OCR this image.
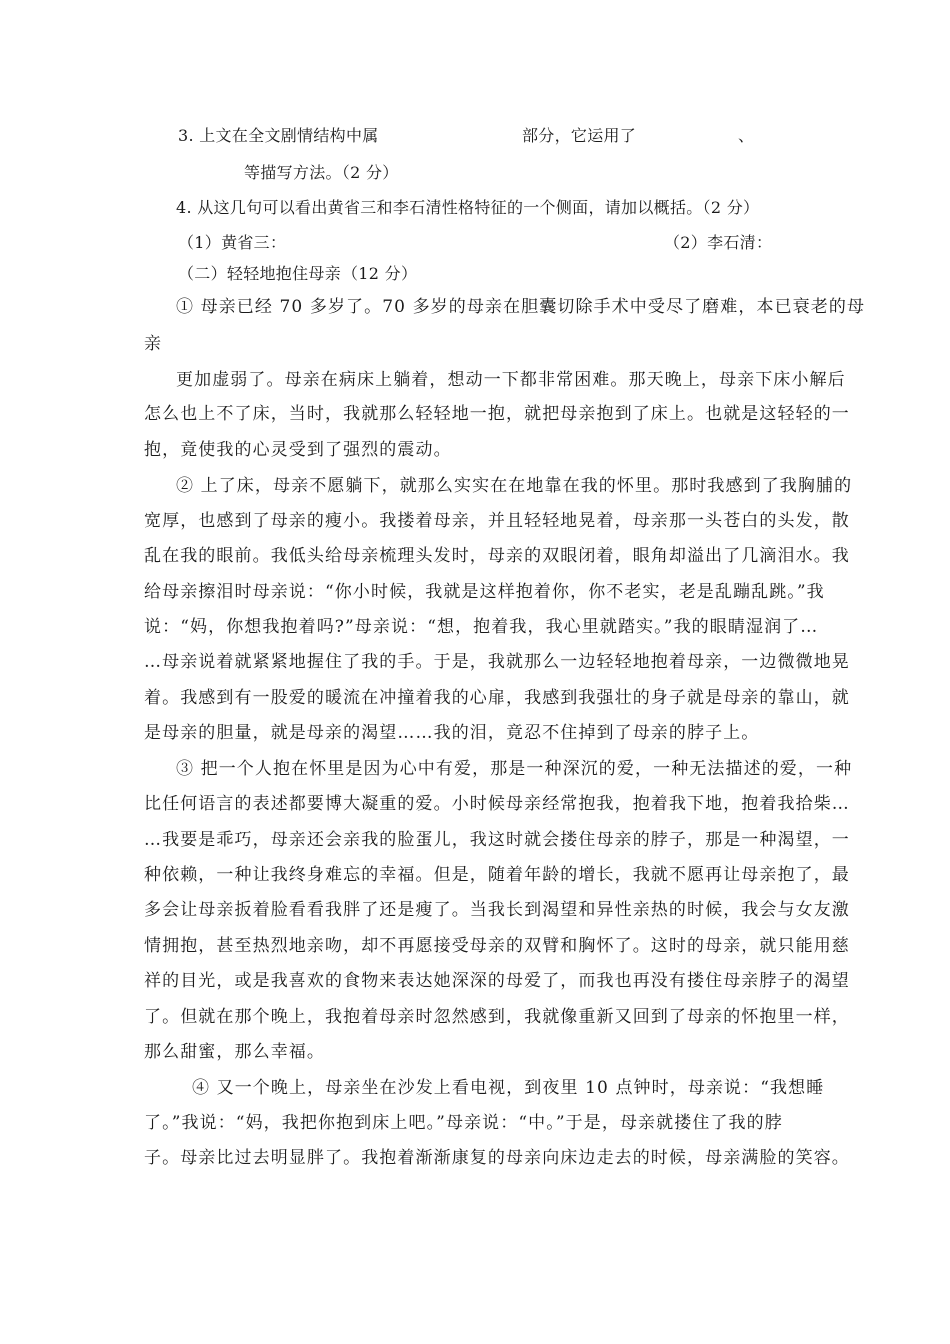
3. 上文在全文剧情结构中属	部分，它运用了	、
等描写方法。（2 分）
4. 从这几句可以看出黄省三和李石清性格特征的一个侧面，请加以概括。（2 分）
（1）黄省三：	（2）李石清：
（二）轻轻地抱住母亲 （12 分）
① 母亲已经 70 多岁了。70 多岁的母亲在胆囊切除手术中受尽了磨难，本已衰老的母
亲
更加虚弱了。母亲在病床上躺着，想动一下都非常困难。那天晚上，母亲下床小解后
怎么也上不了床，当时，我就那么轻轻地一抱，就把母亲抱到了床上。也就是这轻轻的一
抱，竟使我的心灵受到了强烈的震动。
② 上了床，母亲不愿躺下，就那么实实在在地靠在我的怀里。那时我感到了我胸脯的
宽厚，也感到了母亲的瘦小。我搂着母亲，并且轻轻地晃着，母亲那一头苍白的头发，散
乱在我的眼前。我低头给母亲梳理头发时，母亲的双眼闭着，眼角却溢出了几滴泪水。我
给母亲擦泪时母亲说：“你小时候，我就是这样抱着你，你不老实，老是乱蹦乱跳。”我
说：“妈，你想我抱着吗?”母亲说：“想，抱着我，我心里就踏实。”我的眼睛湿润了…
…母亲说着就紧紧地握住了我的手。于是，我就那么一边轻轻地抱着母亲，一边微微地晃
着。我感到有一股爱的暖流在冲撞着我的心扉，我感到我强壮的身子就是母亲的靠山，就
是母亲的胆量，就是母亲的渴望……我的泪，竟忍不住掉到了母亲的脖子上。
③ 把一个人抱在怀里是因为心中有爱，那是一种深沉的爱，一种无法描述的爱，一种
比任何语言的表述都要博大凝重的爱。小时候母亲经常抱我，抱着我下地，抱着我拾柴…
…我要是乖巧，母亲还会亲我的脸蛋儿，我这时就会搂住母亲的脖子，那是一种渴望，一
种依赖，一种让我终身难忘的幸福。但是，随着年龄的增长，我就不愿再让母亲抱了，最
多会让母亲扳着脸看看我胖了还是瘦了。当我长到渴望和异性亲热的时候，我会与女友激
情拥抱，甚至热烈地亲吻，却不再愿接受母亲的双臂和胸怀了。这时的母亲，就只能用慈
祥的目光，或是我喜欢的食物来表达她深深的母爱了，而我也再没有搂住母亲脖子的渴望
了。但就在那个晚上，我抱着母亲时忽然感到，我就像重新又回到了母亲的怀抱里一样，
那么甜蜜，那么幸福。
④ 又一个晚上，母亲坐在沙发上看电视，到夜里 10 点钟时，母亲说：“我想睡
了。”我说：“妈，我把你抱到床上吧。”母亲说：“中。”于是，母亲就搂住了我的脖
子。母亲比过去明显胖了。我抱着渐渐康复的母亲向床边走去的时候，母亲满脸的笑容。
